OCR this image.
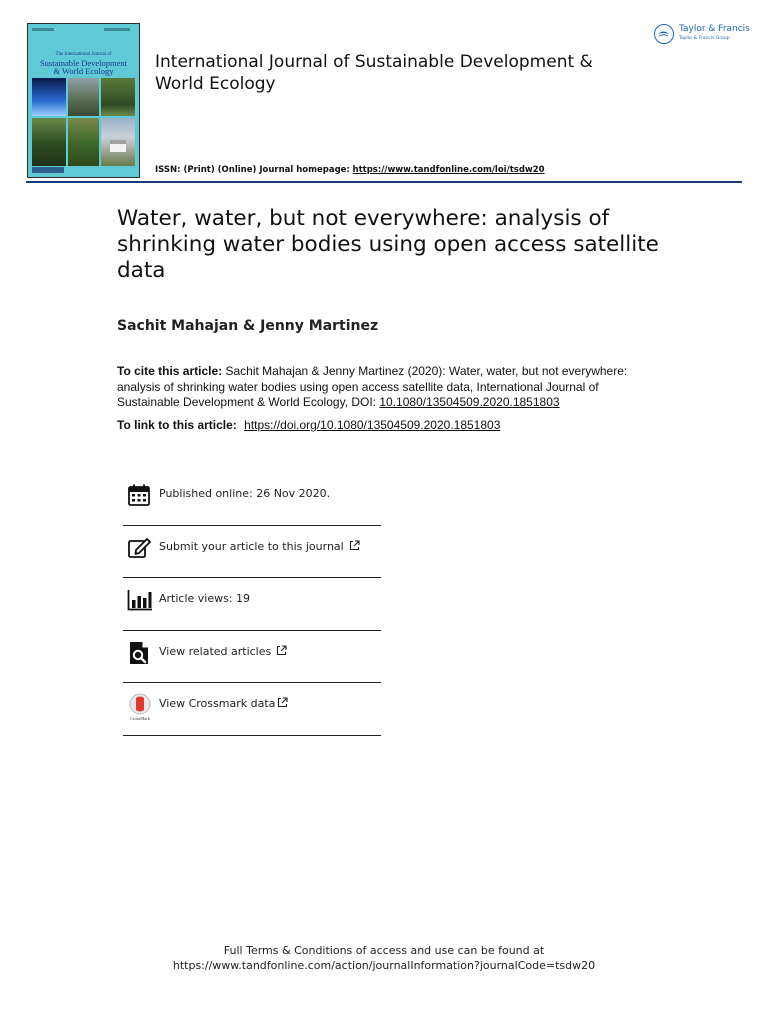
The International Journal of
Sustainable Development
& World Ecology	International Journal of Sustainable Development & World Ecology
ISSN: (Print) (Online) Journal homepage: https://www.tandfonline.com/loi/tsdw20
Taylor & Francis
Taylor & Francis Group
Water, water, but not everywhere: analysis of shrinking water bodies using open access satellite data
Sachit Mahajan & Jenny Martinez
To cite this article: Sachit Mahajan & Jenny Martinez (2020): Water, water, but not everywhere: analysis of shrinking water bodies using open access satellite data, International Journal of Sustainable Development & World Ecology, DOI: 10.1080/13504509.2020.1851803
To link to this article: https://doi.org/10.1080/13504509.2020.1851803
Published online: 26 Nov 2020.
Submit your article to this journal
Article views: 19
View related articles
CrossMark
View Crossmark data
Full Terms & Conditions of access and use can be found at
https://www.tandfonline.com/action/journalInformation?journalCode=tsdw20
